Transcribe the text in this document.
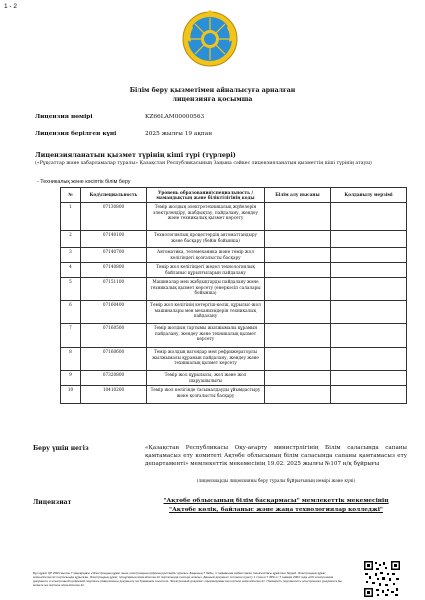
1 - 2
Білім беру қызметімен айналысуға арналған
лицензияға қосымша
Лицензия нөмірі	KZ66LAM00000563
Лицензия берілген күні	2025 жылғы 19 ақпан
Лицензияланатын қызмет түрінің кіші түрі (түрлері)
(«Рұқсаттар және хабарламалар туралы» Қазақстан Республикасының Заңына сәйкес лицензияланатын қызметтің кіші түрінің атауы)
- Техникалық және кәсіптік білім беру
№	Код\специальность	Уровень образования\специальность / мамандықтың және біліктілігінің коды	Білім алу нысаны	Қолданылу мерзімі
1	07130800	Темір жолдың электротехникалық жүйелерін электрлендіру, жабдықтау, пайдалану, жөндеу және техникалық қызмет көрсету		
2	07140100	Технологиялық процестердің автоматтандыру және басқару (бейін бойынша)		
3	07140700	Автоматика, телемеханика және темір жол көлігіндегі қозғалысты басқару		
4	07140800	Темір жол көлігіндегі жедел технологиялық байланыс құрылғыларын пайдалану		
5	07151100	Машиналар мен жабдықтарды пайдалану және техникалық қызмет көрсету (өнеркәсіп салалары бойынша)		
6	07160400	Темір жол көлігінің көтергіш-көлік, құрылыс-жол машиналары мен механизмдерін техникалық пайдалану		
7	07160500	Темір жолдың тартымы жылжымалы құрамын пайдалану, жөндеу және техникалық қызмет көрсету		
8	07160600	Темір жолдың вагондар мен рефрижераторлы жылжымалы құрамын пайдалану, жөндеу және техникалық қызмет көрсету		
9	07320800	Темір жол құрылысы, жол және жол шаруашылығы		
10	10410200	Темір жол көлігінде тасымалдауды ұйымдастыру және қозғалысты басқару		
Беру үшін негіз	«Қазақстан Республикасы Оқу-ағарту министрлігінің Білім саласында сапаны қамтамасыз ету комитеті Ақтөбе облысының білім саласында сапаны қамтамасыз ету департаменті» мемлекеттік мекемесінің 19.02. 2025 жылғы №107 н/қ бұйрығы
(лицензиарды лицензияны беру туралы бұйрығының нөмірі және күні)
Лицензиат	"Ақтөбе облысының білім басқармасы" мемлекеттік мекемесінің
"Ақтөбе көлік, байланыс және жаңа технологиялар колледжі"
Бұл құжат ҚР 2003 жылғы 7 қаңтардағы «Электрондық құжат және электрондық цифрлық қолтаңба туралы» Заңының 7 бабы, 1 тармағына сәйкес қағаз тасығыштағы құжатпен бірдей. Электрондық құжат www.elicense.kz порталында құрылған. Электрондық құжат түпнұсқасын www.elicense.kz порталында тексере аласыз. Данный документ согласно пункту 1 статьи 7 ЗРК от 7 января 2003 года «Об электронном документе и электронной цифровой подписи» равнозначен документу на бумажном носителе. Электронный документ сформирован на портале www.elicense.kz. Проверить подлинность электронного документа вы можете на портале www.elicense.kz.
